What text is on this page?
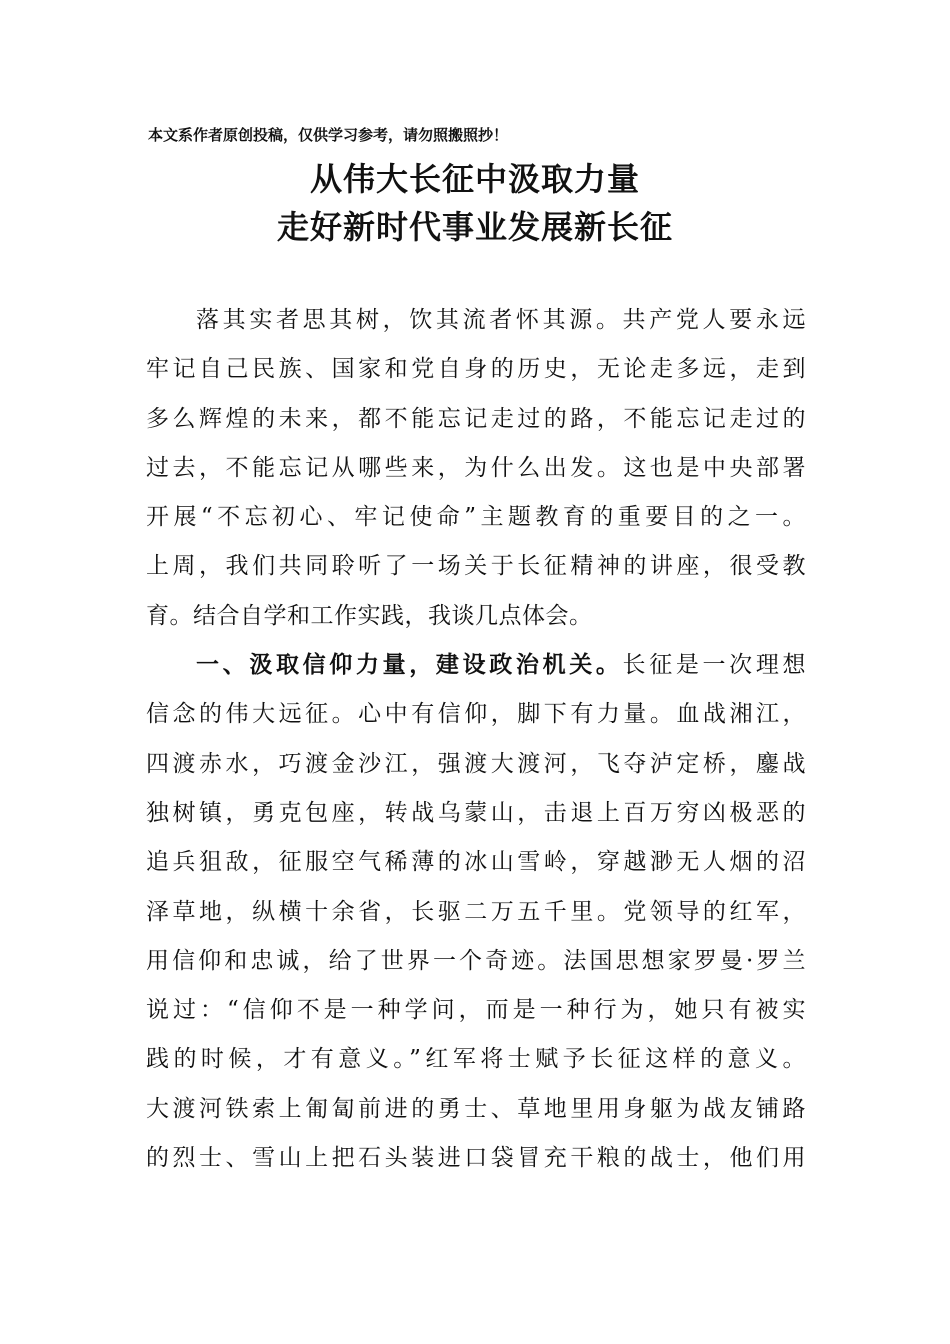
本文系作者原创投稿，仅供学习参考，请勿照搬照抄！
从伟大长征中汲取力量
走好新时代事业发展新长征
落其实者思其树，饮其流者怀其源。共产党人要永远
牢记自己民族、国家和党自身的历史，无论走多远，走到
多么辉煌的未来，都不能忘记走过的路，不能忘记走过的
过去，不能忘记从哪些来，为什么出发。这也是中央部署
开展“不忘初心、牢记使命”主题教育的重要目的之一。
上周，我们共同聆听了一场关于长征精神的讲座，很受教
育。结合自学和工作实践，我谈几点体会。
一、汲取信仰力量，建设政治机关。长征是一次理想
信念的伟大远征。心中有信仰，脚下有力量。血战湘江，
四渡赤水，巧渡金沙江，强渡大渡河，飞夺泸定桥，鏖战
独树镇，勇克包座，转战乌蒙山，击退上百万穷凶极恶的
追兵狙敌，征服空气稀薄的冰山雪岭，穿越渺无人烟的沼
泽草地，纵横十余省，长驱二万五千里。党领导的红军，
用信仰和忠诚，给了世界一个奇迹。法国思想家罗曼·罗兰
说过：“信仰不是一种学问，而是一种行为，她只有被实
践的时候，才有意义。”红军将士赋予长征这样的意义。
大渡河铁索上匍匐前进的勇士、草地里用身躯为战友铺路
的烈士、雪山上把石头装进口袋冒充干粮的战士，他们用
